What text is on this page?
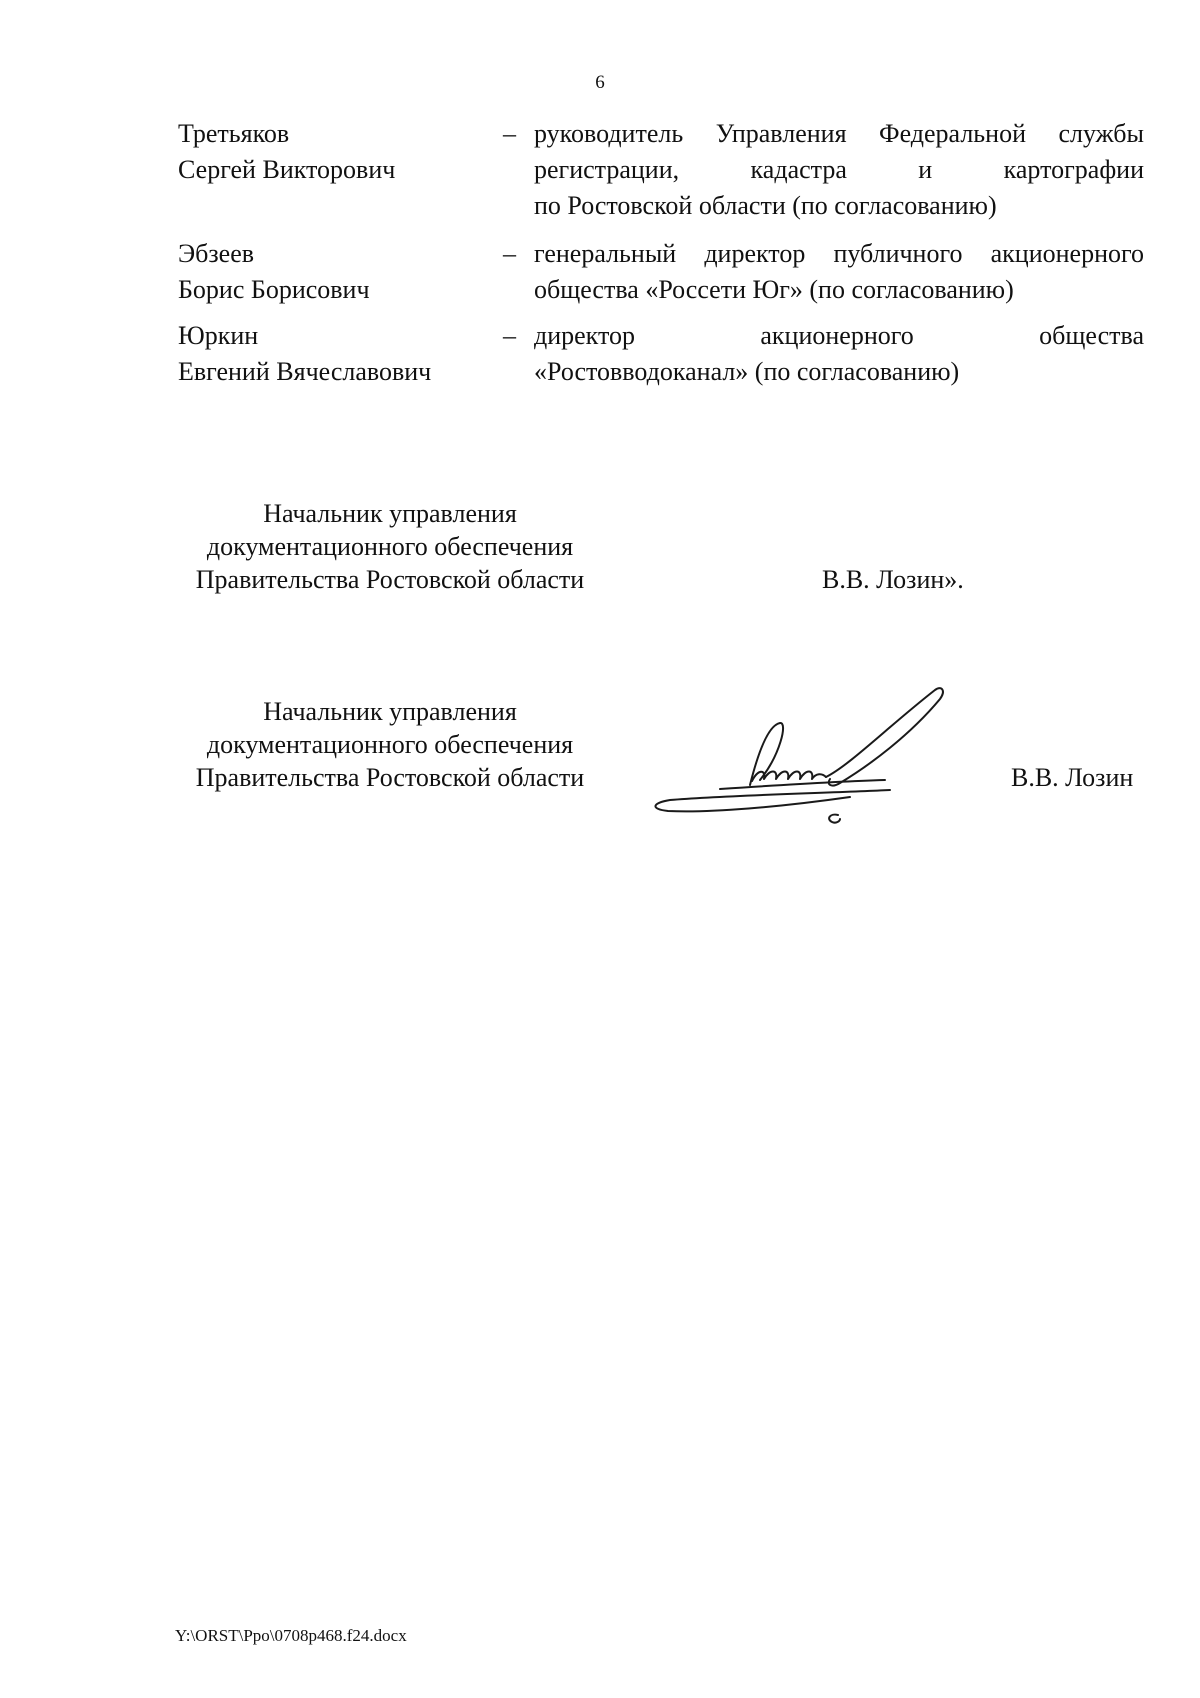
6
Третьяков
Сергей Викторович
– руководитель Управления Федеральной службы
регистрации, кадастра и картографии
по Ростовской области (по согласованию)
Эбзеев
Борис Борисович
– генеральный директор публичного акционерного
общества «Россети Юг» (по согласованию)
Юркин
Евгений Вячеславович
– директор акционерного общества
«Ростовводоканал» (по согласованию)
Начальник управления
документационного обеспечения
Правительства Ростовской области	В.В. Лозин».
Начальник управления
документационного обеспечения
Правительства Ростовской области	В.В. Лозин
Y:\ORST\Ppo\0708p468.f24.docx
